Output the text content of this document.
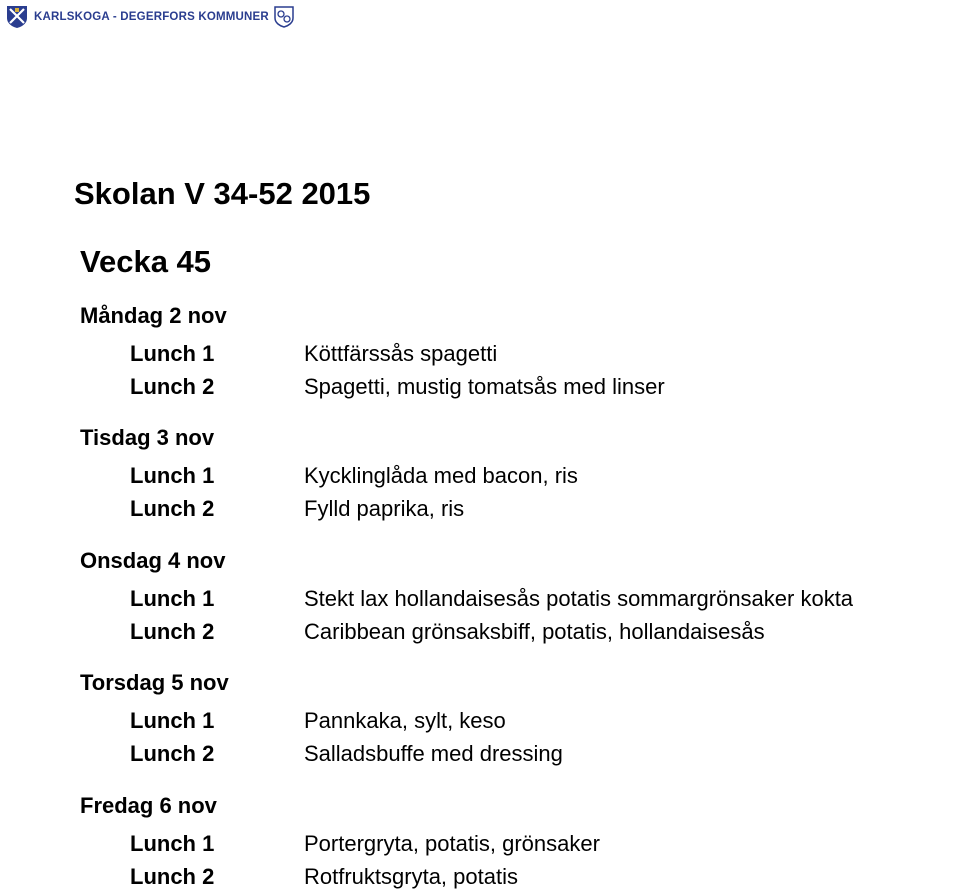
KARLSKOGA - DEGERFORS KOMMUNER
Skolan V 34-52 2015
Vecka 45
Måndag 2 nov
Lunch 1	Köttfärssås spagetti
Lunch 2	Spagetti, mustig tomatsås med linser
Tisdag 3 nov
Lunch 1	Kycklinglåda med bacon, ris
Lunch 2	Fylld paprika, ris
Onsdag 4 nov
Lunch 1	Stekt lax hollandaisesås potatis sommargrönsaker kokta
Lunch 2	Caribbean grönsaksbiff, potatis, hollandaisesås
Torsdag 5 nov
Lunch 1	Pannkaka, sylt, keso
Lunch 2	Salladsbuffe med dressing
Fredag 6 nov
Lunch 1	Portergryta, potatis, grönsaker
Lunch 2	Rotfruktsgryta, potatis
